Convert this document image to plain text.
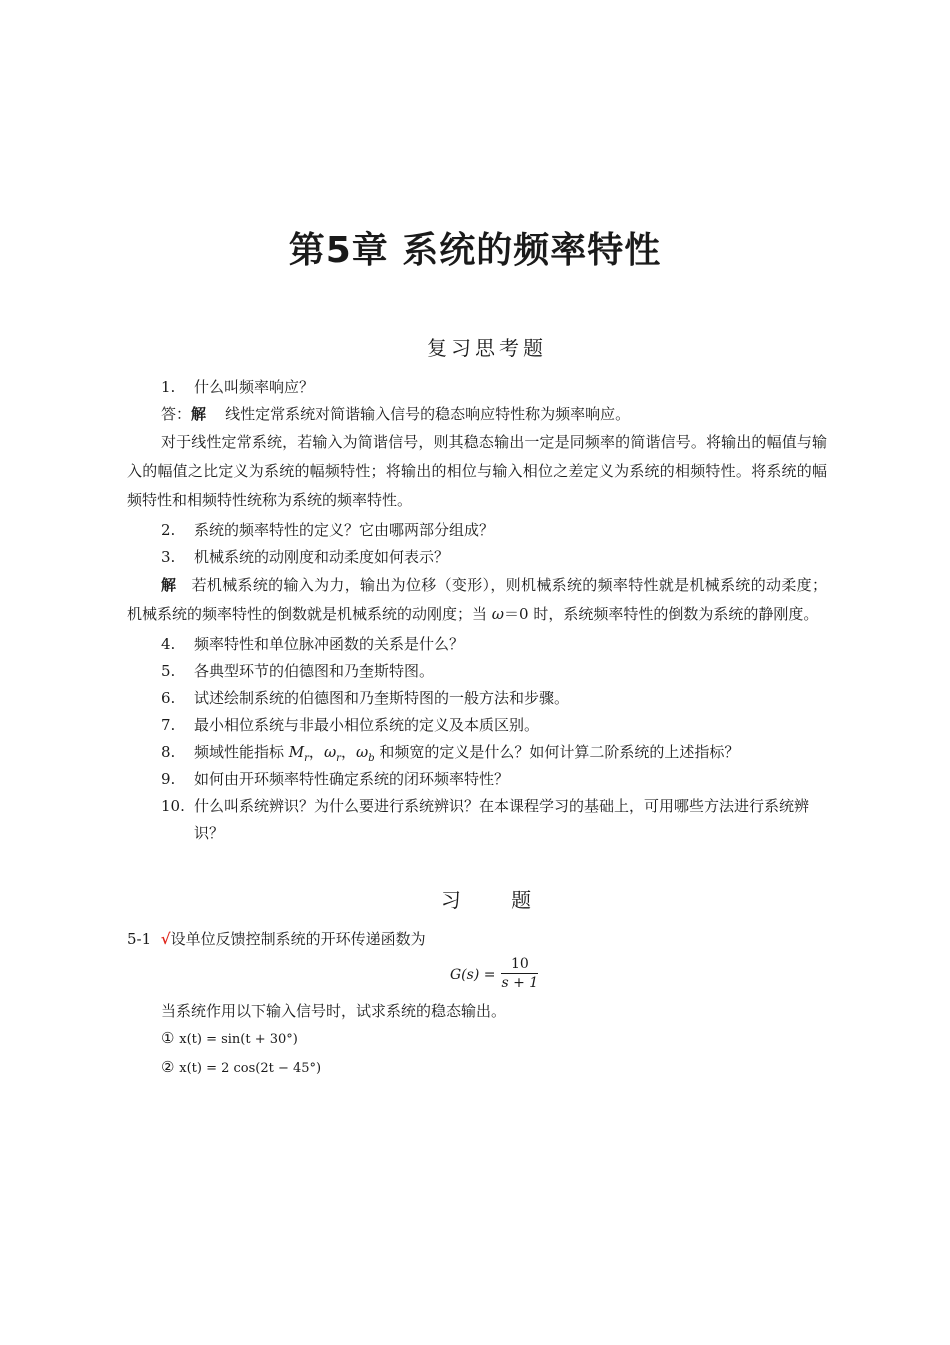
第5章 系统的频率特性
复习思考题
1.	什么叫频率响应？
答：解 线性定常系统对简谐输入信号的稳态响应特性称为频率响应。
对于线性定常系统，若输入为简谐信号，则其稳态输出一定是同频率的简谐信号。将输出的幅值与输入的幅值之比定义为系统的幅频特性；将输出的相位与输入相位之差定义为系统的相频特性。将系统的幅频特性和相频特性统称为系统的频率特性。
2.	系统的频率特性的定义？它由哪两部分组成？
3.	机械系统的动刚度和动柔度如何表示？
解 若机械系统的输入为力，输出为位移（变形），则机械系统的频率特性就是机械系统的动柔度；机械系统的频率特性的倒数就是机械系统的动刚度；当 ω＝0 时，系统频率特性的倒数为系统的静刚度。
4.	频率特性和单位脉冲函数的关系是什么？
5.	各典型环节的伯德图和乃奎斯特图。
6.	试述绘制系统的伯德图和乃奎斯特图的一般方法和步骤。
7.	最小相位系统与非最小相位系统的定义及本质区别。
8.	频域性能指标 $M_r$，$\omega_r$，$\omega_b$ 和频宽的定义是什么？如何计算二阶系统的上述指标？
9.	如何由开环频率特性确定系统的闭环频率特性？
10. 什么叫系统辨识？为什么要进行系统辨识？在本课程学习的基础上，可用哪些方法进行系统辨识？
习 题
5-1 √设单位反馈控制系统的开环传递函数为
$G(s) = \frac{10}{s + 1}$
当系统作用以下输入信号时，试求系统的稳态输出。
① x(t) = sin(t + 30°)
② x(t) = 2 cos(2t − 45°)
